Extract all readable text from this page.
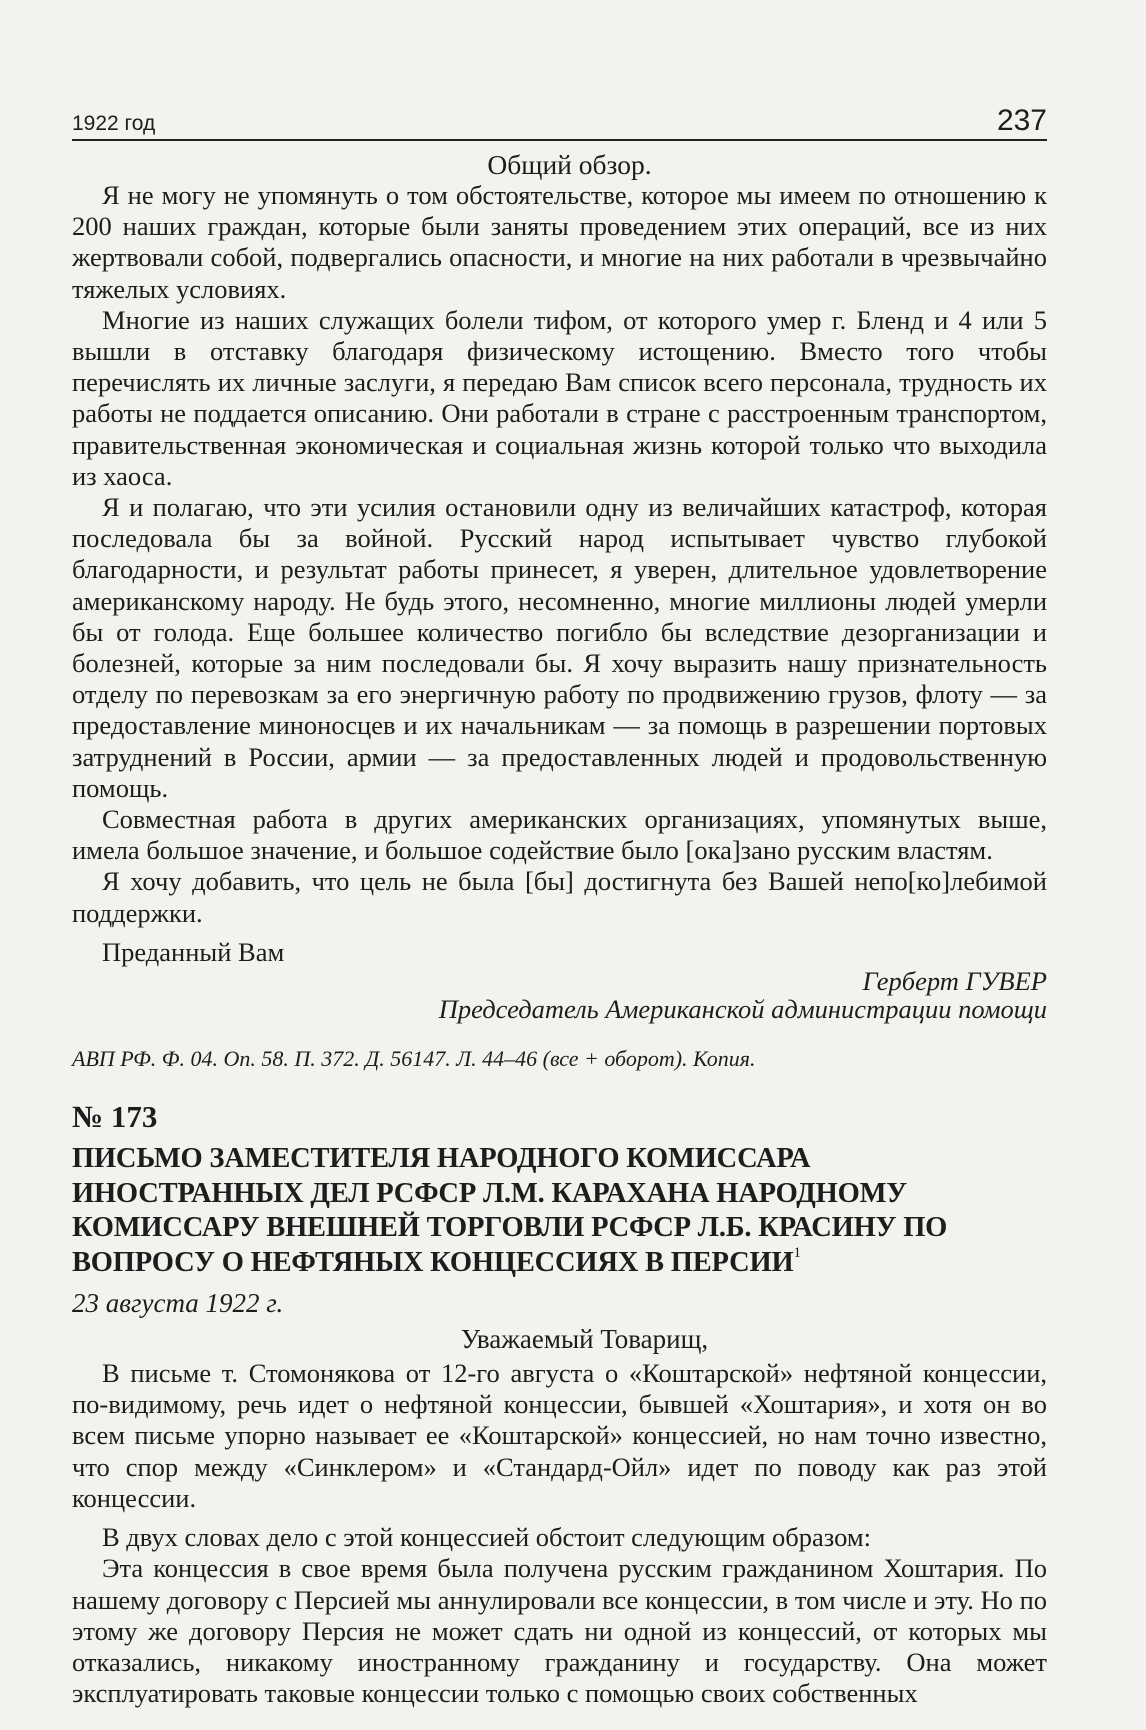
1922 год	237
Общий обзор.

Я не могу не упомянуть о том обстоятельстве, которое мы имеем по отношению к 200 наших граждан, которые были заняты проведением этих операций, все из них жертвовали собой, подвергались опасности, и многие на них работали в чрезвычайно тяжелых условиях.

Многие из наших служащих болели тифом, от которого умер г. Бленд и 4 или 5 вышли в отставку благодаря физическому истощению. Вместо того чтобы перечислять их личные заслуги, я передаю Вам список всего персонала, трудность их работы не поддается описанию. Они работали в стране с расстроенным транспортом, правительственная экономическая и социальная жизнь которой только что выходила из хаоса.

Я и полагаю, что эти усилия остановили одну из величайших катастроф, которая последовала бы за войной. Русский народ испытывает чувство глубокой благодарности, и результат работы принесет, я уверен, длительное удовлетворение американскому народу. Не будь этого, несомненно, многие миллионы людей умерли бы от голода. Еще большее количество погибло бы вследствие дезорганизации и болезней, которые за ним последовали бы. Я хочу выразить нашу признательность отделу по перевозкам за его энергичную работу по продвижению грузов, флоту — за предоставление миноносцев и их начальникам — за помощь в разрешении портовых затруднений в России, армии — за предоставленных людей и продовольственную помощь.

Совместная работа в других американских организациях, упомянутых выше, имела большое значение, и большое содействие было [ока]зано русским властям.

Я хочу добавить, что цель не была [бы] достигнута без Вашей непо[ко]лебимой поддержки.

Преданный Вам

Герберт ГУВЕР
Председатель Американской администрации помощи
АВП РФ. Ф. 04. Оп. 58. П. 372. Д. 56147. Л. 44–46 (все + оборот). Копия.
№ 173
ПИСЬМО ЗАМЕСТИТЕЛЯ НАРОДНОГО КОМИССАРА ИНОСТРАННЫХ ДЕЛ РСФСР Л.М. КАРАХАНА НАРОДНОМУ КОМИССАРУ ВНЕШНЕЙ ТОРГОВЛИ РСФСР Л.Б. КРАСИНУ ПО ВОПРОСУ О НЕФТЯНЫХ КОНЦЕССИЯХ В ПЕРСИИ$^1$
23 августа 1922 г.
Уважаемый Товарищ,

В письме т. Стомонякова от 12-го августа о «Коштарской» нефтяной концессии, по-видимому, речь идет о нефтяной концессии, бывшей «Хоштария», и хотя он во всем письме упорно называет ее «Коштарской» концессией, но нам точно известно, что спор между «Синклером» и «Стандард-Ойл» идет по поводу как раз этой концессии.

В двух словах дело с этой концессией обстоит следующим образом:

Эта концессия в свое время была получена русским гражданином Хоштария. По нашему договору с Персией мы аннулировали все концессии, в том числе и эту. Но по этому же договору Персия не может сдать ни одной из концессий, от которых мы отказались, никакому иностранному гражданину и государству. Она может эксплуатировать таковые концессии только с помощью своих собственных
